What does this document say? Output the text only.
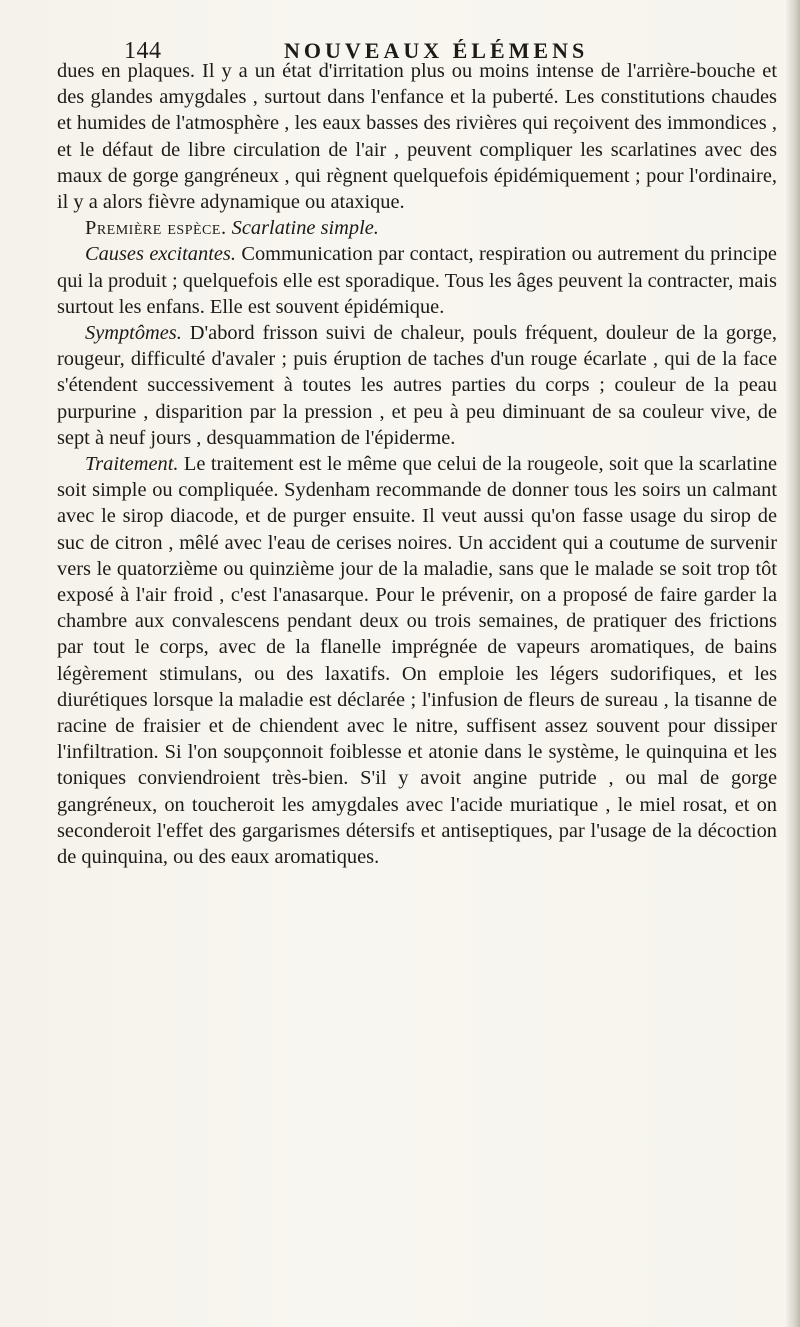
144	NOUVEAUX ÉLÉMENS

dues en plaques. Il y a un état d'irritation plus ou moins intense de l'arrière-bouche et des glandes amygdales , surtout dans l'enfance et la puberté. Les constitutions chaudes et humides de l'atmosphère , les eaux basses des rivières qui reçoivent des immondices , et le défaut de libre circulation de l'air , peuvent compliquer les scarlatines avec des maux de gorge gangréneux , qui règnent quelquefois épidémiquement ; pour l'ordinaire, il y a alors fièvre adynamique ou ataxique.

Première espèce. Scarlatine simple.

Causes excitantes. Communication par contact, respiration ou autrement du principe qui la produit ; quelquefois elle est sporadique. Tous les âges peuvent la contracter, mais surtout les enfans. Elle est souvent épidémique.

Symptômes. D'abord frisson suivi de chaleur, pouls fréquent, douleur de la gorge, rougeur, difficulté d'avaler ; puis éruption de taches d'un rouge écarlate , qui de la face s'étendent successivement à toutes les autres parties du corps ; couleur de la peau purpurine , disparition par la pression , et peu à peu diminuant de sa couleur vive, de sept à neuf jours , desquammation de l'épiderme.

Traitement. Le traitement est le même que celui de la rougeole, soit que la scarlatine soit simple ou compliquée. Sydenham recommande de donner tous les soirs un calmant avec le sirop diacode, et de purger ensuite. Il veut aussi qu'on fasse usage du sirop de suc de citron , mêlé avec l'eau de cerises noires. Un accident qui a coutume de survenir vers le quatorzième ou quinzième jour de la maladie, sans que le malade se soit trop tôt exposé à l'air froid , c'est l'anasarque. Pour le prévenir, on a proposé de faire garder la chambre aux convalescens pendant deux ou trois semaines, de pratiquer des frictions par tout le corps, avec de la flanelle imprégnée de vapeurs aromatiques, de bains légèrement stimulans, ou des laxatifs. On emploie les légers sudorifiques, et les diurétiques lorsque la maladie est déclarée ; l'infusion de fleurs de sureau , la tisanne de racine de fraisier et de chiendent avec le nitre, suffisent assez souvent pour dissiper l'infiltration. Si l'on soupçonnoit foiblesse et atonie dans le système, le quinquina et les toniques conviendroient très-bien. S'il y avoit angine putride , ou mal de gorge gangréneux, on toucheroit les amygdales avec l'acide muriatique , le miel rosat, et on seconderoit l'effet des gargarismes détersifs et antiseptiques, par l'usage de la décoction de quinquina, ou des eaux aromatiques.
